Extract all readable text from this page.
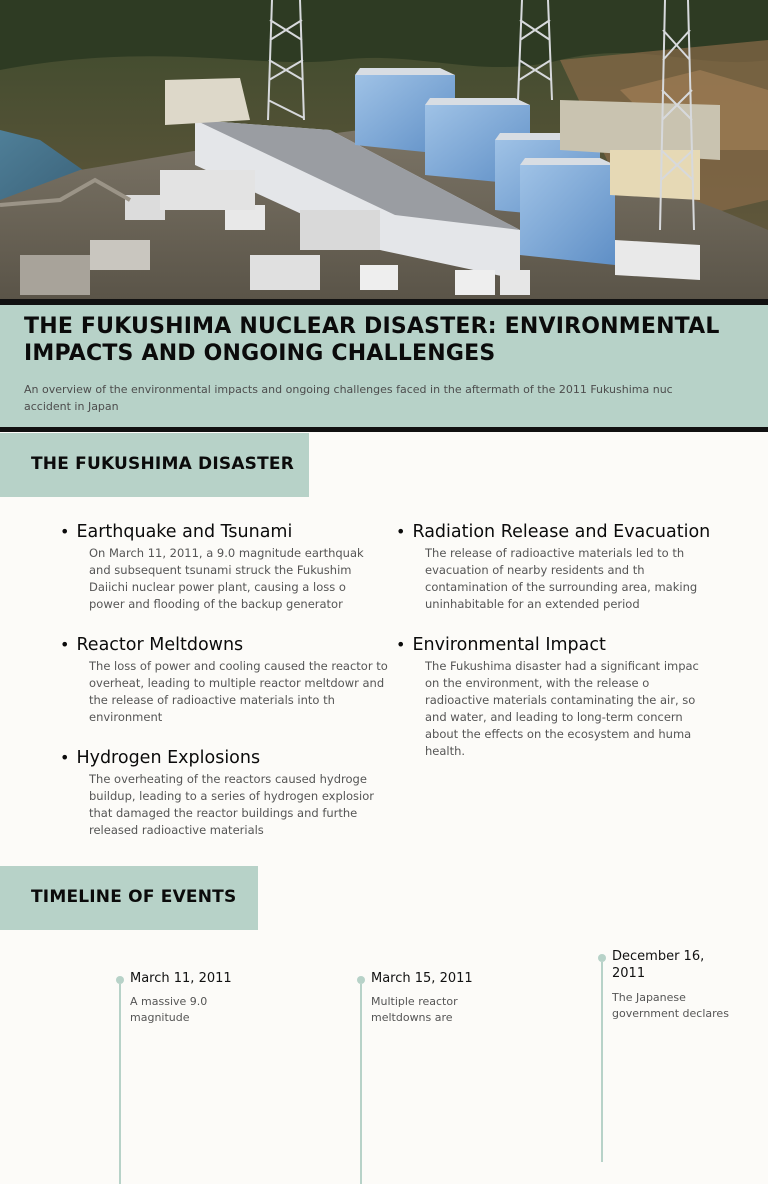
THE FUKUSHIMA NUCLEAR DISASTER: ENVIRONMENTAL IMPACTS AND ONGOING CHALLENGES

An overview of the environmental impacts and ongoing challenges faced in the aftermath of the 2011 Fukushima nuc accident in Japan

THE FUKUSHIMA DISASTER
• Earthquake and Tsunami
On March 11, 2011, a 9.0 magnitude earthquak and subsequent tsunami struck the Fukushim Daiichi nuclear power plant, causing a loss o power and flooding of the backup generator
• Radiation Release and Evacuation
The release of radioactive materials led to th evacuation of nearby residents and th contamination of the surrounding area, making uninhabitable for an extended period
• Reactor Meltdowns
The loss of power and cooling caused the reactor to overheat, leading to multiple reactor meltdowr and the release of radioactive materials into th environment
• Environmental Impact
The Fukushima disaster had a significant impac on the environment, with the release o radioactive materials contaminating the air, so and water, and leading to long-term concern about the effects on the ecosystem and huma health.
• Hydrogen Explosions
The overheating of the reactors caused hydroge buildup, leading to a series of hydrogen explosior that damaged the reactor buildings and furthe released radioactive materials
TIMELINE OF EVENTS
March 11, 2011
A massive 9.0 magnitude
March 15, 2011
Multiple reactor meltdowns are
December 16, 2011
The Japanese government declares
